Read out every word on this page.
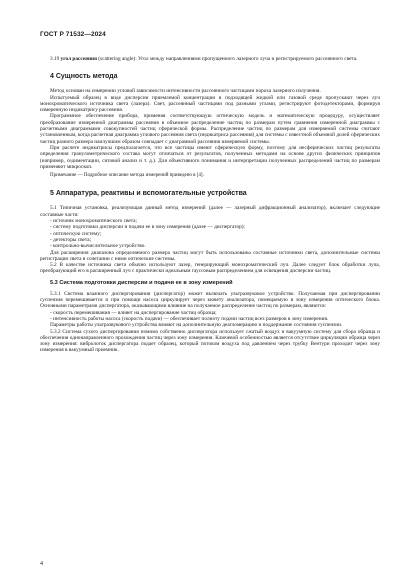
ГОСТ Р 71532—2024

3.19 угол рассеяния (scattering angle): Угол между направлениями пропущенного лазерного луча и регистрируемого рассеянного света.

4 Сущность метода

Метод основан на измерении угловой зависимости интенсивности рассеянного частицами пороха лазерного излучения.

Испытуемый образец в виде дисперсии приемлемой концентрации в подходящей жидкой или газовой среде пропускают через луч монохроматического источника света (лазера). Свет, рассеянный частицами под разными углами, регистрируют фотодетекторами, формируя измеренную индикатрису рассеяния.

Программное обеспечение прибора, применяя соответствующую оптическую модель и математическую процедуру, осуществляет преобразование измеренной диаграммы рассеяния в объемное распределение частиц по размерам путем сравнения измеренной диаграммы с расчетными диаграммами совокупностей частиц сферической формы. Распределение частиц по размерам для измеряемой системы считают установленным, когда расчетная диаграмма углового рассеяния света (индикатриса рассеяния) для системы с известной объемной долей сферических частиц разного размера наилучшим образом совпадает с диаграммой рассеяния измеряемой системы.

При расчете индикатрисы предполагается, что все частицы имеют сферическую форму, поэтому для несферических частиц результаты определения гранулометрического состава могут отличаться от результатов, полученных методами на основе других физических принципов (например, седиментации, ситовой анализ и т. д.). Для объективного понимания и интерпретации полученных распределений частиц по размерам применяют микроскоп.

Примечание — Подробное описание метода измерений приведено в [4].

5 Аппаратура, реактивы и вспомогательные устройства

5.1 Типичная установка, реализующая данный метод измерений (далее — лазерный дифракционный анализатор), включает следующие составные части:

- источник монохроматического света;
- систему подготовки дисперсии и подачи ее в зону измерения (далее — диспергатор);
- оптическую систему;
- детекторы света;
- контрольно-вычислительное устройство.

Для расширения диапазона определяемого размера частиц могут быть использованы составные источники света, дополнительные системы регистрации света в сочетании с ними оптические системы.

5.2 В качестве источника света обычно используют лазер, генерирующий монохроматический луч. Далее следует блок обработки луча, преобразующий его в расширенный луч с практически идеальным гауссовым распределением для освещения дисперсии частиц.

5.3 Система подготовки дисперсии и подачи ее в зону измерений

5.3.1 Система влажного диспергирования (диспергатор) может включать ультразвуковое устройство. Получаемая при диспергировании суспензия перемешивается и при помощи насоса циркулирует через кювету анализатора, помещаемую в зону измерения оптического блока. Основными параметрами диспергатора, оказывающими влияние на получаемое распределение частиц по размерам, являются:

- скорость перемешивания — влияет на диспергирование частиц образца;
- интенсивность работы насоса (скорость подачи) — обеспечивает полноту подачи частиц всех размеров в зону измерения.

Параметры работы ультразвукового устройства влияют на дополнительную деагломерацию и поддержание состояния суспензии.

5.3.2 Система сухого диспергирования помимо собственно диспергатора использует сжатый воздух и вакуумную систему для сбора образца и обеспечения однонаправленного прохождения частиц через зону измерения. Ключевой особенностью является отсутствие циркуляции образца через зону измерения: вибролоток диспергатора подает образец, который потоком воздуха под давлением через трубку Вентури проходит через зону измерения в вакуумный приемник.

4
